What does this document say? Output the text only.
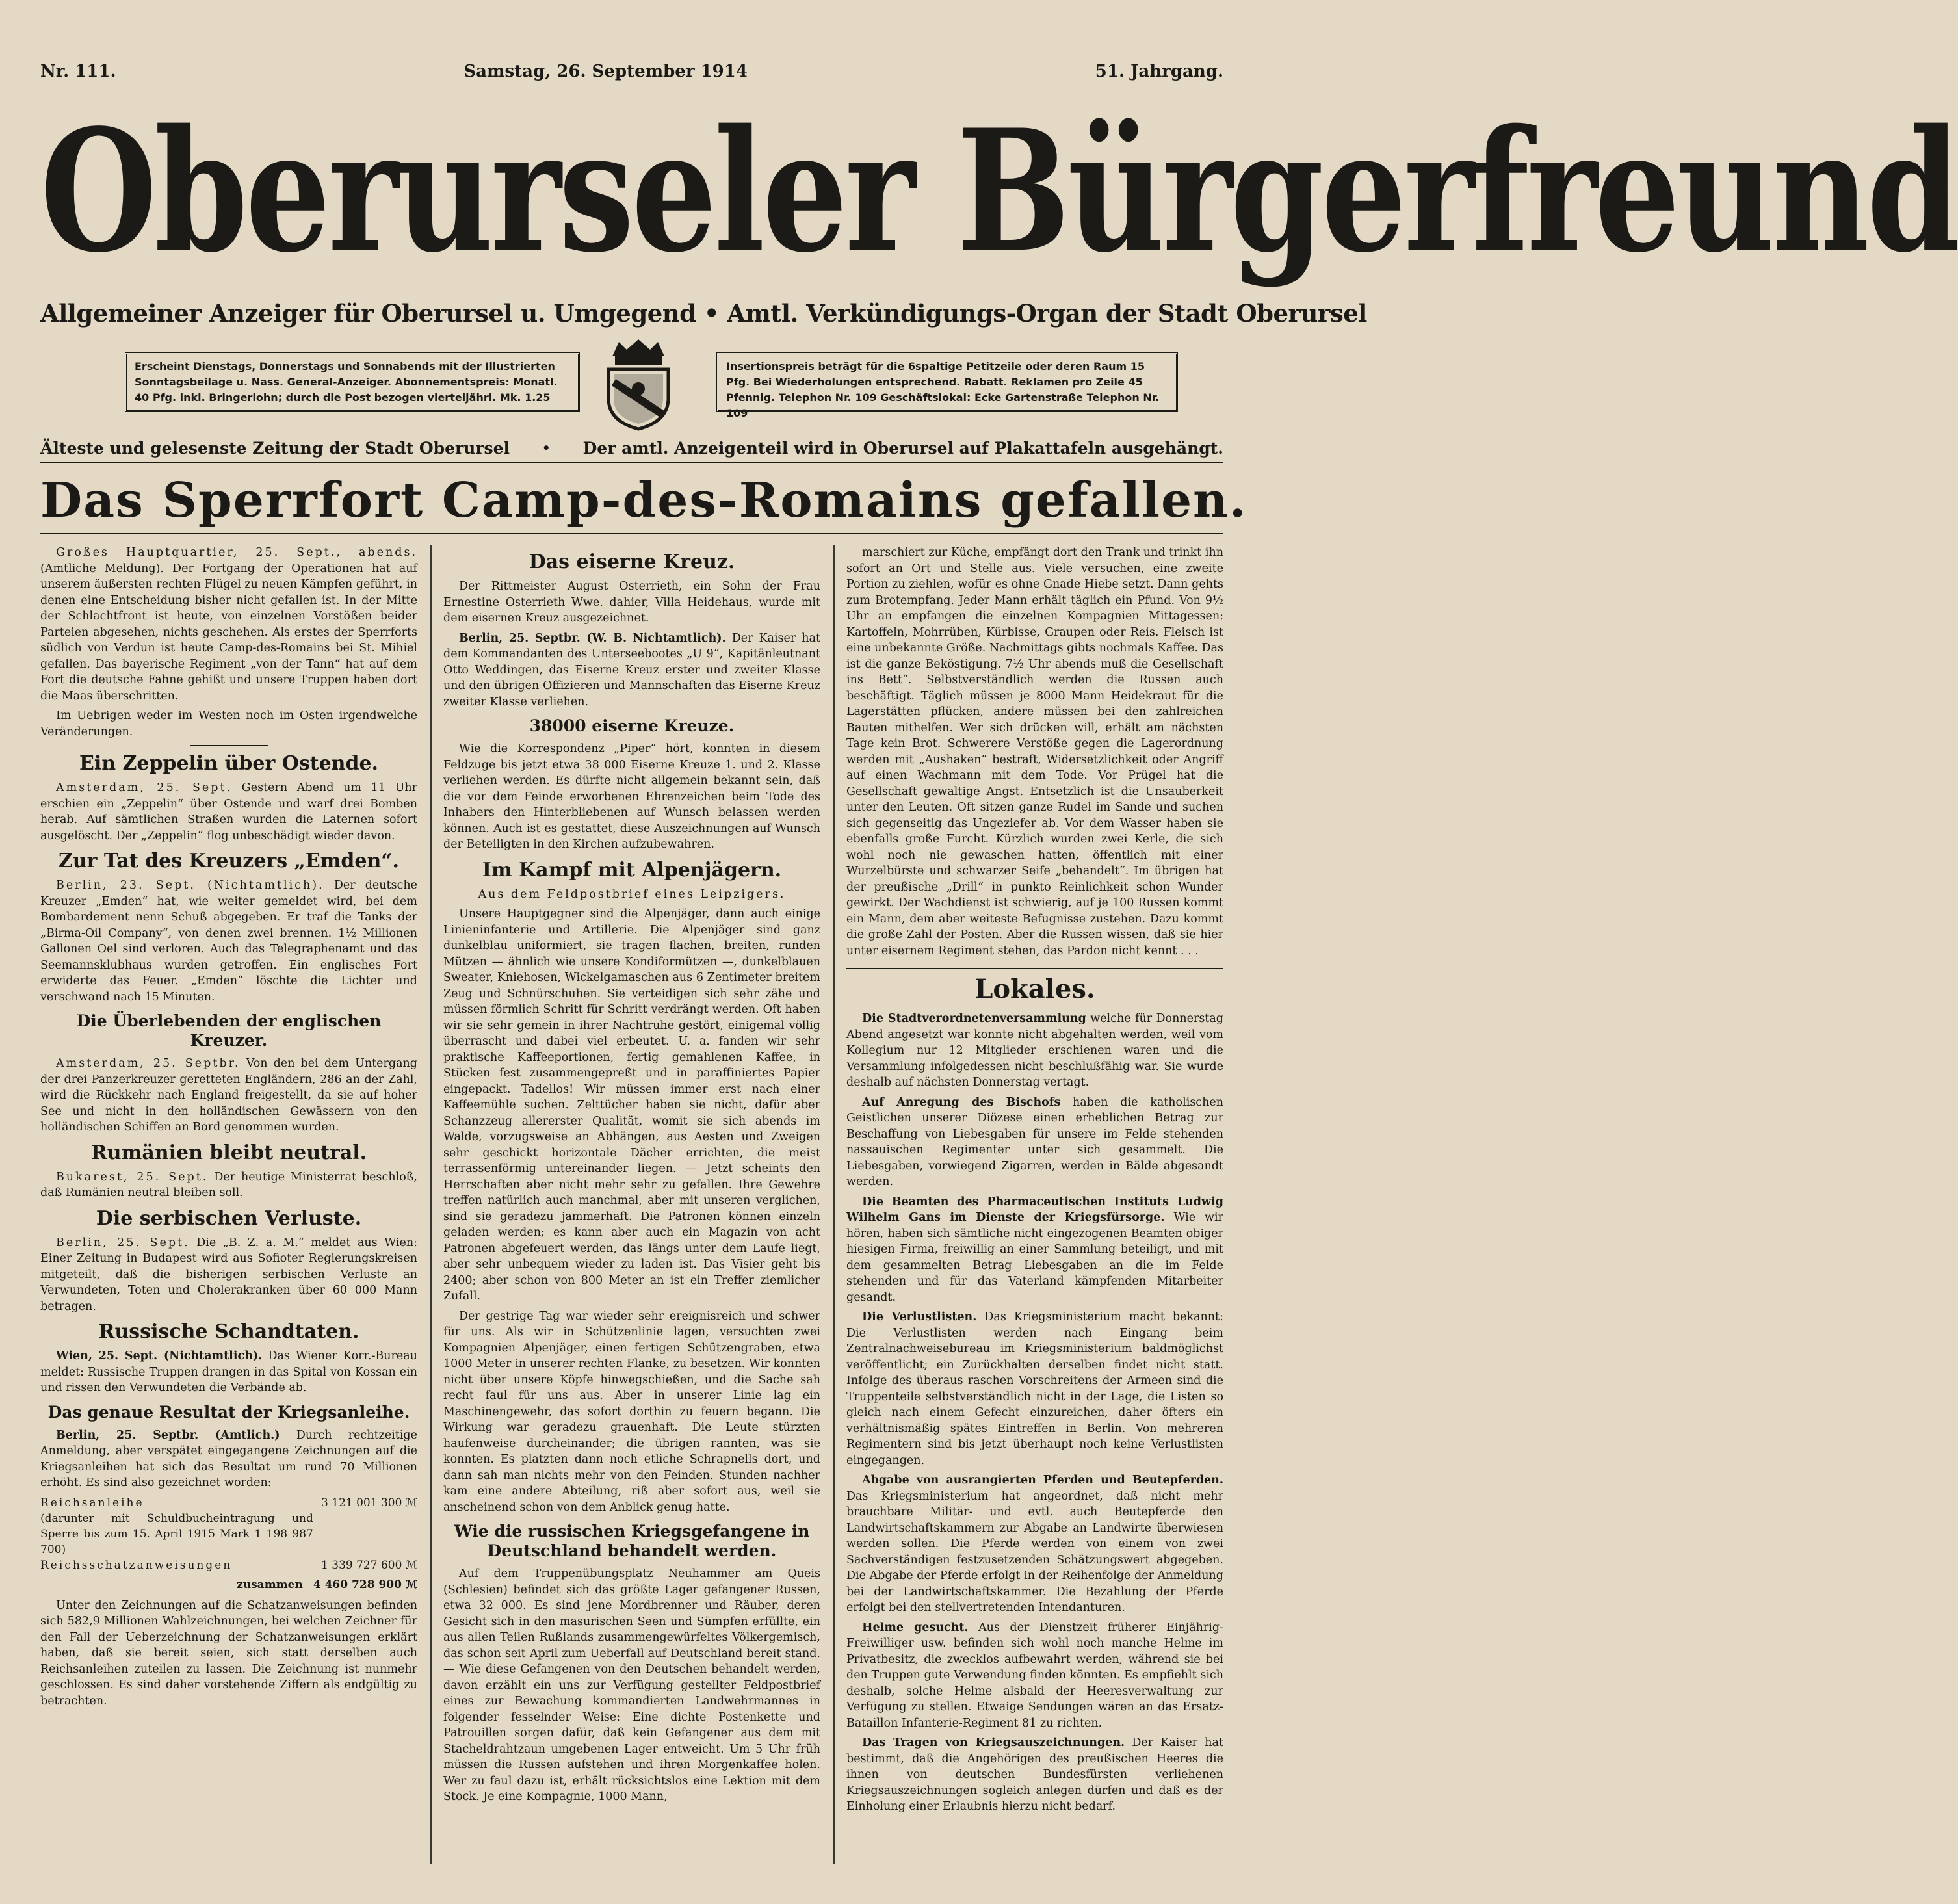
Nr. 111.	Samstag, 26. September 1914	51. Jahrgang.
Oberurseler Bürgerfreund
Allgemeiner Anzeiger für Oberursel u. Umgegend • Amtl. Verkündigungs-Organ der Stadt Oberursel
Erscheint Dienstags, Donnerstags und Sonnabends mit der Illustrierten Sonntagsbeilage u. Nass. General-Anzeiger. Abonnementspreis: Monatl. 40 Pfg. inkl. Bringerlohn; durch die Post bezogen vierteljährl. Mk. 1.25
Insertionspreis beträgt für die 6spaltige Petitzeile oder deren Raum 15 Pfg. Bei Wiederholungen entsprechend. Rabatt. Reklamen pro Zeile 45 Pfennig. Telephon Nr. 109 Geschäftslokal: Ecke Gartenstraße Telephon Nr. 109
Älteste und gelesenste Zeitung der Stadt Oberursel • Der amtl. Anzeigenteil wird in Oberursel auf Plakattafeln ausgehängt.
Das Sperrfort Camp-des-Romains gefallen.

Großes Hauptquartier, 25. Sept., abends. (Amtliche Meldung). Der Fortgang der Operationen hat auf unserem äußersten rechten Flügel zu neuen Kämpfen geführt, in denen eine Entscheidung bisher nicht gefallen ist. In der Mitte der Schlachtfront ist heute, von einzelnen Vorstößen beider Parteien abgesehen, nichts geschehen. Als erstes der Sperrforts südlich von Verdun ist heute Camp-des-Romains bei St. Mihiel gefallen. Das bayerische Regiment „von der Tann“ hat auf dem Fort die deutsche Fahne gehißt und unsere Truppen haben dort die Maas überschritten.

Im Uebrigen weder im Westen noch im Osten irgendwelche Veränderungen.

Ein Zeppelin über Ostende.

Amsterdam, 25. Sept. Gestern Abend um 11 Uhr erschien ein „Zeppelin“ über Ostende und warf drei Bomben herab. Auf sämtlichen Straßen wurden die Laternen sofort ausgelöscht. Der „Zeppelin“ flog unbeschädigt wieder davon.

Zur Tat des Kreuzers „Emden“.

Berlin, 23. Sept. (Nichtamtlich). Der deutsche Kreuzer „Emden“ hat, wie weiter gemeldet wird, bei dem Bombardement nenn Schuß abgegeben. Er traf die Tanks der „Birma-Oil Company“, von denen zwei brennen. 1½ Millionen Gallonen Oel sind verloren. Auch das Telegraphenamt und das Seemannsklubhaus wurden getroffen. Ein englisches Fort erwiderte das Feuer. „Emden“ löschte die Lichter und verschwand nach 15 Minuten.

Die Überlebenden der englischen Kreuzer.

Amsterdam, 25. Septbr. Von den bei dem Untergang der drei Panzerkreuzer geretteten Engländern, 286 an der Zahl, wird die Rückkehr nach England freigestellt, da sie auf hoher See und nicht in den holländischen Gewässern von den holländischen Schiffen an Bord genommen wurden.

Rumänien bleibt neutral.

Bukarest, 25. Sept. Der heutige Ministerrat beschloß, daß Rumänien neutral bleiben soll.

Die serbischen Verluste.

Berlin, 25. Sept. Die „B. Z. a. M.“ meldet aus Wien: Einer Zeitung in Budapest wird aus Sofioter Regierungskreisen mitgeteilt, daß die bisherigen serbischen Verluste an Verwundeten, Toten und Cholerakranken über 60 000 Mann betragen.

Russische Schandtaten.

Wien, 25. Sept. (Nichtamtlich). Das Wiener Korr.-Bureau meldet: Russische Truppen drangen in das Spital von Kossan ein und rissen den Verwundeten die Verbände ab.

Das genaue Resultat der Kriegsanleihe.

Berlin, 25. Septbr. (Amtlich.) Durch rechtzeitige Anmeldung, aber verspätet eingegangene Zeichnungen auf die Kriegsanleihen hat sich das Resultat um rund 70 Millionen erhöht. Es sind also gezeichnet worden:

Reichsanleihe	3 121 001 300 ℳ
(darunter mit Schuldbucheintragung und Sperre bis zum 15. April 1915 Mark 1 198 987 700)	
Reichsschatzanweisungen	1 339 727 600 ℳ
zusammen	4 460 728 900 ℳ

Unter den Zeichnungen auf die Schatzanweisungen befinden sich 582,9 Millionen Wahlzeichnungen, bei welchen Zeichner für den Fall der Ueberzeichnung der Schatzanweisungen erklärt haben, daß sie bereit seien, sich statt derselben auch Reichsanleihen zuteilen zu lassen. Die Zeichnung ist nunmehr geschlossen. Es sind daher vorstehende Ziffern als endgültig zu betrachten.

Das eiserne Kreuz.

Der Rittmeister August Osterrieth, ein Sohn der Frau Ernestine Osterrieth Wwe. dahier, Villa Heidehaus, wurde mit dem eisernen Kreuz ausgezeichnet.

Berlin, 25. Septbr. (W. B. Nichtamtlich). Der Kaiser hat dem Kommandanten des Unterseebootes „U 9“, Kapitänleutnant Otto Weddingen, das Eiserne Kreuz erster und zweiter Klasse und den übrigen Offizieren und Mannschaften das Eiserne Kreuz zweiter Klasse verliehen.

38000 eiserne Kreuze.

Wie die Korrespondenz „Piper“ hört, konnten in diesem Feldzuge bis jetzt etwa 38 000 Eiserne Kreuze 1. und 2. Klasse verliehen werden. Es dürfte nicht allgemein bekannt sein, daß die vor dem Feinde erworbenen Ehrenzeichen beim Tode des Inhabers den Hinterbliebenen auf Wunsch belassen werden können. Auch ist es gestattet, diese Auszeichnungen auf Wunsch der Beteiligten in den Kirchen aufzubewahren.

Im Kampf mit Alpenjägern.

Aus dem Feldpostbrief eines Leipzigers.

Unsere Hauptgegner sind die Alpenjäger, dann auch einige Linieninfanterie und Artillerie. Die Alpenjäger sind ganz dunkelblau uniformiert, sie tragen flachen, breiten, runden Mützen — ähnlich wie unsere Kondiformützen —, dunkelblauen Sweater, Kniehosen, Wickelgamaschen aus 6 Zentimeter breitem Zeug und Schnürschuhen. Sie verteidigen sich sehr zähe und müssen förmlich Schritt für Schritt verdrängt werden. Oft haben wir sie sehr gemein in ihrer Nachtruhe gestört, einigemal völlig überrascht und dabei viel erbeutet. U. a. fanden wir sehr praktische Kaffeeportionen, fertig gemahlenen Kaffee, in Stücken fest zusammengepreßt und in paraffiniertes Papier eingepackt. Tadellos! Wir müssen immer erst nach einer Kaffeemühle suchen. Zelttücher haben sie nicht, dafür aber Schanzzeug allererster Qualität, womit sie sich abends im Walde, vorzugsweise an Abhängen, aus Aesten und Zweigen sehr geschickt horizontale Dächer errichten, die meist terrassenförmig untereinander liegen. — Jetzt scheints den Herrschaften aber nicht mehr sehr zu gefallen. Ihre Gewehre treffen natürlich auch manchmal, aber mit unseren verglichen, sind sie geradezu jammerhaft. Die Patronen können einzeln geladen werden; es kann aber auch ein Magazin von acht Patronen abgefeuert werden, das längs unter dem Laufe liegt, aber sehr unbequem wieder zu laden ist. Das Visier geht bis 2400; aber schon von 800 Meter an ist ein Treffer ziemlicher Zufall.

Der gestrige Tag war wieder sehr ereignisreich und schwer für uns. Als wir in Schützenlinie lagen, versuchten zwei Kompagnien Alpenjäger, einen fertigen Schützengraben, etwa 1000 Meter in unserer rechten Flanke, zu besetzen. Wir konnten nicht über unsere Köpfe hinwegschießen, und die Sache sah recht faul für uns aus. Aber in unserer Linie lag ein Maschinengewehr, das sofort dorthin zu feuern begann. Die Wirkung war geradezu grauenhaft. Die Leute stürzten haufenweise durcheinander; die übrigen rannten, was sie konnten. Es platzten dann noch etliche Schrapnells dort, und dann sah man nichts mehr von den Feinden. Stunden nachher kam eine andere Abteilung, riß aber sofort aus, weil sie anscheinend schon von dem Anblick genug hatte.

Wie die russischen Kriegsgefangene in Deutschland behandelt werden.

Auf dem Truppenübungsplatz Neuhammer am Queis (Schlesien) befindet sich das größte Lager gefangener Russen, etwa 32 000. Es sind jene Mordbrenner und Räuber, deren Gesicht sich in den masurischen Seen und Sümpfen erfüllte, ein aus allen Teilen Rußlands zusammengewürfeltes Völkergemisch, das schon seit April zum Ueberfall auf Deutschland bereit stand. — Wie diese Gefangenen von den Deutschen behandelt werden, davon erzählt ein uns zur Verfügung gestellter Feldpostbrief eines zur Bewachung kommandierten Landwehrmannes in folgender fesselnder Weise: Eine dichte Postenkette und Patrouillen sorgen dafür, daß kein Gefangener aus dem mit Stacheldrahtzaun umgebenen Lager entweicht. Um 5 Uhr früh müssen die Russen aufstehen und ihren Morgenkaffee holen. Wer zu faul dazu ist, erhält rücksichtslos eine Lektion mit dem Stock. Je eine Kompagnie, 1000 Mann,

marschiert zur Küche, empfängt dort den Trank und trinkt ihn sofort an Ort und Stelle aus. Viele versuchen, eine zweite Portion zu ziehlen, wofür es ohne Gnade Hiebe setzt. Dann gehts zum Brotempfang. Jeder Mann erhält täglich ein Pfund. Von 9½ Uhr an empfangen die einzelnen Kompagnien Mittagessen: Kartoffeln, Mohrrüben, Kürbisse, Graupen oder Reis. Fleisch ist eine unbekannte Größe. Nachmittags gibts nochmals Kaffee. Das ist die ganze Beköstigung. 7½ Uhr abends muß die Gesellschaft ins Bett“. Selbstverständlich werden die Russen auch beschäftigt. Täglich müssen je 8000 Mann Heidekraut für die Lagerstätten pflücken, andere müssen bei den zahlreichen Bauten mithelfen. Wer sich drücken will, erhält am nächsten Tage kein Brot. Schwerere Verstöße gegen die Lagerordnung werden mit „Aushaken“ bestraft, Widersetzlichkeit oder Angriff auf einen Wachmann mit dem Tode. Vor Prügel hat die Gesellschaft gewaltige Angst. Entsetzlich ist die Unsauberkeit unter den Leuten. Oft sitzen ganze Rudel im Sande und suchen sich gegenseitig das Ungeziefer ab. Vor dem Wasser haben sie ebenfalls große Furcht. Kürzlich wurden zwei Kerle, die sich wohl noch nie gewaschen hatten, öffentlich mit einer Wurzelbürste und schwarzer Seife „behandelt“. Im übrigen hat der preußische „Drill“ in punkto Reinlichkeit schon Wunder gewirkt. Der Wachdienst ist schwierig, auf je 100 Russen kommt ein Mann, dem aber weiteste Befugnisse zustehen. Dazu kommt die große Zahl der Posten. Aber die Russen wissen, daß sie hier unter eisernem Regiment stehen, das Pardon nicht kennt . . .

Lokales.

Die Stadtverordnetenversammlung welche für Donnerstag Abend angesetzt war konnte nicht abgehalten werden, weil vom Kollegium nur 12 Mitglieder erschienen waren und die Versammlung infolgedessen nicht beschlußfähig war. Sie wurde deshalb auf nächsten Donnerstag vertagt.

Auf Anregung des Bischofs haben die katholischen Geistlichen unserer Diözese einen erheblichen Betrag zur Beschaffung von Liebesgaben für unsere im Felde stehenden nassauischen Regimenter unter sich gesammelt. Die Liebesgaben, vorwiegend Zigarren, werden in Bälde abgesandt werden.

Die Beamten des Pharmaceutischen Instituts Ludwig Wilhelm Gans im Dienste der Kriegsfürsorge. Wie wir hören, haben sich sämtliche nicht eingezogenen Beamten obiger hiesigen Firma, freiwillig an einer Sammlung beteiligt, und mit dem gesammelten Betrag Liebesgaben an die im Felde stehenden und für das Vaterland kämpfenden Mitarbeiter gesandt.

Die Verlustlisten. Das Kriegsministerium macht bekannt: Die Verlustlisten werden nach Eingang beim Zentralnachweisebureau im Kriegsministerium baldmöglichst veröffentlicht; ein Zurückhalten derselben findet nicht statt. Infolge des überaus raschen Vorschreitens der Armeen sind die Truppenteile selbstverständlich nicht in der Lage, die Listen so gleich nach einem Gefecht einzureichen, daher öfters ein verhältnismäßig spätes Eintreffen in Berlin. Von mehreren Regimentern sind bis jetzt überhaupt noch keine Verlustlisten eingegangen.

Abgabe von ausrangierten Pferden und Beutepferden. Das Kriegsministerium hat angeordnet, daß nicht mehr brauchbare Militär- und evtl. auch Beutepferde den Landwirtschaftskammern zur Abgabe an Landwirte überwiesen werden sollen. Die Pferde werden von einem von zwei Sachverständigen festzusetzenden Schätzungswert abgegeben. Die Abgabe der Pferde erfolgt in der Reihenfolge der Anmeldung bei der Landwirtschaftskammer. Die Bezahlung der Pferde erfolgt bei den stellvertretenden Intendanturen.

Helme gesucht. Aus der Dienstzeit früherer Einjährig-Freiwilliger usw. befinden sich wohl noch manche Helme im Privatbesitz, die zwecklos aufbewahrt werden, während sie bei den Truppen gute Verwendung finden könnten. Es empfiehlt sich deshalb, solche Helme alsbald der Heeresverwaltung zur Verfügung zu stellen. Etwaige Sendungen wären an das Ersatz-Bataillon Infanterie-Regiment 81 zu richten.

Das Tragen von Kriegsauszeichnungen. Der Kaiser hat bestimmt, daß die Angehörigen des preußischen Heeres die ihnen von deutschen Bundesfürsten verliehenen Kriegsauszeichnungen sogleich anlegen dürfen und daß es der Einholung einer Erlaubnis hierzu nicht bedarf.
